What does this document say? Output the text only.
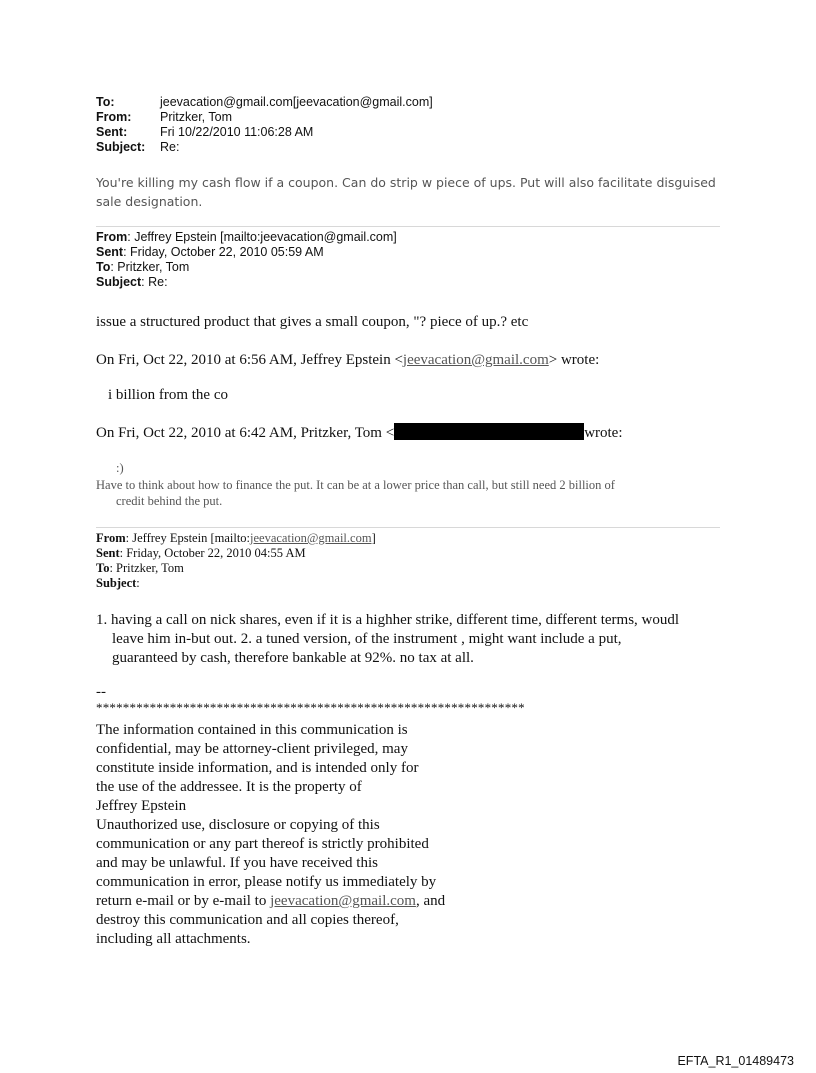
To:	jeevacation@gmail.com[jeevacation@gmail.com]
From:	Pritzker, Tom
Sent:	Fri 10/22/2010 11:06:28 AM
Subject:	Re:
You're killing my cash flow if a coupon. Can do strip w piece of ups. Put will also facilitate disguised sale designation.
From: Jeffrey Epstein [mailto:jeevacation@gmail.com]
Sent: Friday, October 22, 2010 05:59 AM
To: Pritzker, Tom
Subject: Re:
issue a structured product that gives a small coupon, "? piece of up.? etc
On Fri, Oct 22, 2010 at 6:56 AM, Jeffrey Epstein <jeevacation@gmail.com> wrote:
i billion from the co
On Fri, Oct 22, 2010 at 6:42 AM, Pritzker, Tom <	wrote:
:)
Have to think about how to finance the put. It can be at a lower price than call, but still need 2 billion of
credit behind the put.
From: Jeffrey Epstein [mailto:jeevacation@gmail.com]
Sent: Friday, October 22, 2010 04:55 AM
To: Pritzker, Tom
Subject:
1. having a call on nick shares, even if it is a highher strike, different time, different terms, woudl
leave him in-but out. 2. a tuned version, of the instrument , might want include a put,
guaranteed by cash, therefore bankable at 92%. no tax at all.
--
****************************************************************
The information contained in this communication is
confidential, may be attorney-client privileged, may
constitute inside information, and is intended only for
the use of the addressee. It is the property of
Jeffrey Epstein
Unauthorized use, disclosure or copying of this
communication or any part thereof is strictly prohibited
and may be unlawful. If you have received this
communication in error, please notify us immediately by
return e-mail or by e-mail to jeevacation@gmail.com, and
destroy this communication and all copies thereof,
including all attachments.
EFTA_R1_01489473
